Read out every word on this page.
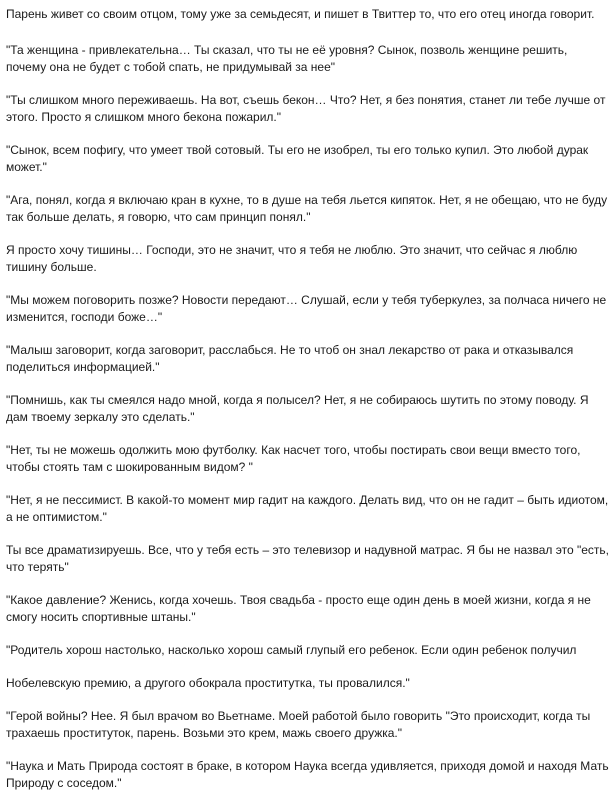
Парень живет со своим отцом, тому уже за семьдесят, и пишет в Твиттер то, что его отец иногда говорит.

"Та женщина - привлекательна… Ты сказал, что ты не её уровня? Сынок, позволь женщине решить, почему она не будет с тобой спать, не придумывай за нее"

"Ты слишком много переживаешь. На вот, съешь бекон… Что? Нет, я без понятия, станет ли тебе лучше от этого. Просто я слишком много бекона пожарил."

"Сынок, всем пофигу, что умеет твой сотовый. Ты его не изобрел, ты его только купил. Это любой дурак может."

"Ага, понял, когда я включаю кран в кухне, то в душе на тебя льется кипяток. Нет, я не обещаю, что не буду так больше делать, я говорю, что сам принцип понял."

Я просто хочу тишины… Господи, это не значит, что я тебя не люблю. Это значит, что сейчас я люблю тишину больше.

"Мы можем поговорить позже? Новости передают… Слушай, если у тебя туберкулез, за полчаса ничего не изменится, господи боже…"

"Малыш заговорит, когда заговорит, расслабься. Не то чтоб он знал лекарство от рака и отказывался поделиться информацией."

"Помнишь, как ты смеялся надо мной, когда я полысел? Нет, я не собираюсь шутить по этому поводу. Я дам твоему зеркалу это сделать."

"Нет, ты не можешь одолжить мою футболку. Как насчет того, чтобы постирать свои вещи вместо того, чтобы стоять там с шокированным видом? "

"Нет, я не пессимист. В какой-то момент мир гадит на каждого. Делать вид, что он не гадит – быть идиотом, а не оптимистом."

Ты все драматизируешь. Все, что у тебя есть – это телевизор и надувной матрас. Я бы не назвал это "есть, что терять"

"Какое давление? Женись, когда хочешь. Твоя свадьба - просто еще один день в моей жизни, когда я не смогу носить спортивные штаны."

"Родитель хорош настолько, насколько хорош самый глупый его ребенок. Если один ребенок получил

Нобелевскую премию, а другого обокрала проститутка, ты провалился."

"Герой войны? Нее. Я был врачом во Вьетнаме. Моей работой было говорить "Это происходит, когда ты трахаешь проституток, парень. Возьми это крем, мажь своего дружка."

"Наука и Мать Природа состоят в браке, в котором Наука всегда удивляется, приходя домой и находя Мать Природу с соседом."
